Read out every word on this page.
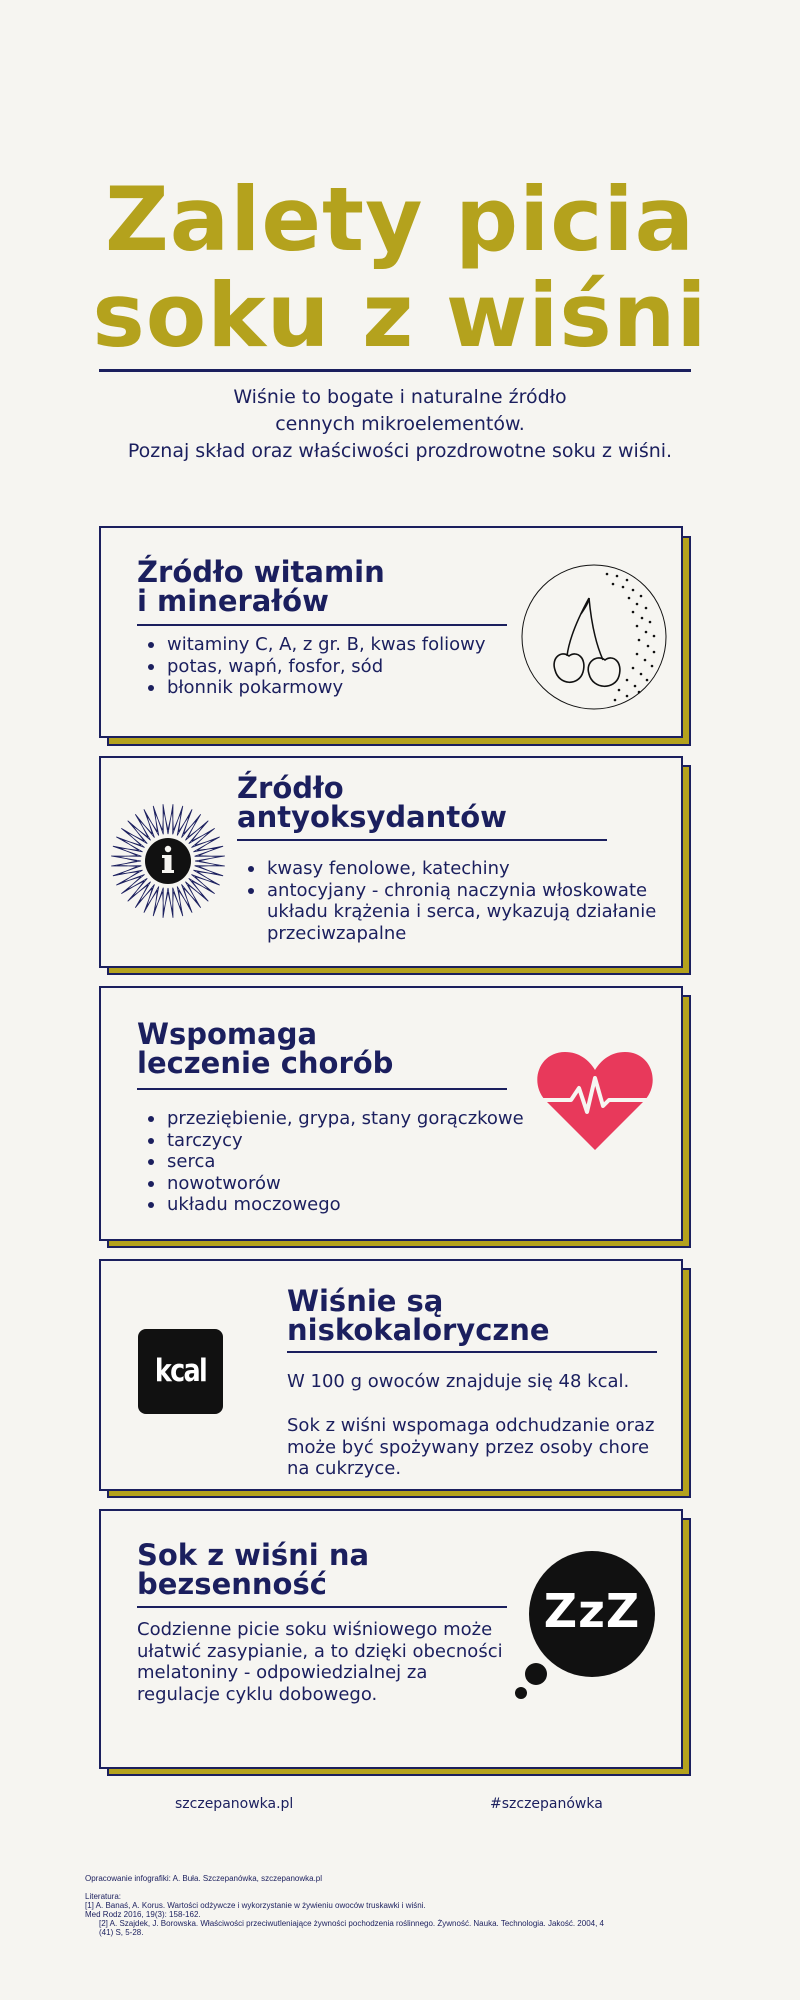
Zalety picia
soku z wiśni
Wiśnie to bogate i naturalne źródło
cennych mikroelementów.
Poznaj skład oraz właściwości prozdrowotne soku z wiśni.
Źródło witamin
i minerałów
witaminy C, A, z gr. B, kwas foliowy
potas, wapń, fosfor, sód
błonnik pokarmowy
Źródło
antyoksydantów
kwasy fenolowe, katechiny
antocyjany - chronią naczynia włoskowate układu krążenia i serca, wykazują działanie przeciwzapalne
Wspomaga
leczenie chorób
przeziębienie, grypa, stany gorączkowe
tarczycy
serca
nowotworów
układu moczowego
kcal
Wiśnie są
niskokaloryczne
W 100 g owoców znajduje się 48 kcal.
Sok z wiśni wspomaga odchudzanie oraz może być spożywany przez osoby chore na cukrzyce.
Sok z wiśni na
bezsenność
Codzienne picie soku wiśniowego może ułatwić zasypianie, a to dzięki obecności melatoniny - odpowiedzialnej za regulacje cyklu dobowego.
ZzZ
szczepanowka.pl	#szczepanówka
Opracowanie infografiki: A. Buła. Szczepanówka, szczepanowka.pl
Literatura:
[1] A. Banaś, A. Korus. Wartości odżywcze i wykorzystanie w żywieniu owoców truskawki i wiśni.
Med Rodz 2016, 19(3): 158-162.
[2] A. Szajdek, J. Borowska. Właściwości przeciwutleniające żywności pochodzenia roślinnego. Żywność. Nauka. Technologia. Jakość. 2004, 4
(41) S, 5-28.
